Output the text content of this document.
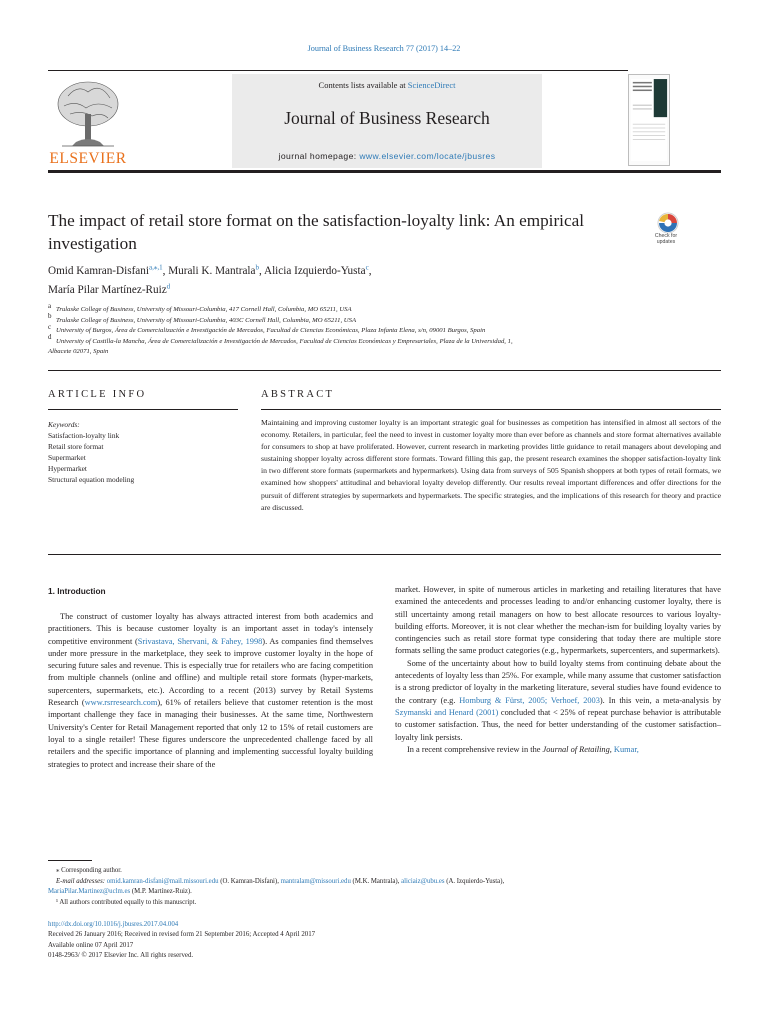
Journal of Business Research 77 (2017) 14–22
Contents lists available at ScienceDirect
Journal of Business Research
journal homepage: www.elsevier.com/locate/jbusres
ELSEVIER
The impact of retail store format on the satisfaction-loyalty link: An empirical investigation	Check for updates
Omid Kamran-Disfani$^{a,⁎,1}$, Murali K. Mantrala$^b$, Alicia Izquierdo-Yusta$^c$,
María Pilar Martínez-Ruiz$^d$
$^a$ Trulaske College of Business, University of Missouri-Columbia, 417 Cornell Hall, Columbia, MO 65211, USA
$^b$ Trulaske College of Business, University of Missouri-Columbia, 403C Cornell Hall, Columbia, MO 65211, USA
$^c$ University of Burgos, Área de Comercialización e Investigación de Mercados, Facultad de Ciencias Económicas, Plaza Infanta Elena, s/n, 09001 Burgos, Spain
$^d$ University of Castilla-la Mancha, Área de Comercialización e Investigación de Mercados, Facultad de Ciencias Económicas y Empresariales, Plaza de la Universidad, 1,
Albacete 02071, Spain
ARTICLE INFO	ABSTRACT
Keywords:
Satisfaction-loyalty link
Retail store format
Supermarket
Hypermarket
Structural equation modeling
Maintaining and improving customer loyalty is an important strategic goal for businesses as competition has intensified in almost all sectors of the economy. Retailers, in particular, feel the need to invest in customer loyalty more than ever before as channels and store format alternatives available for consumers to shop at have proliferated. However, current research in marketing provides little guidance to retail managers about developing and sustaining shopper loyalty across different store formats. Toward filling this gap, the present research examines the shopper satisfaction-loyalty link in two different store formats (supermarkets and hypermarkets). Using data from surveys of 505 Spanish shoppers at both types of retail formats, we examined how shoppers' attitudinal and behavioral loyalty develop differently. Our results reveal important differences and offer directions for the pursuit of different strategies by supermarkets and hypermarkets. The specific strategies, and the implications of this research for theory and practice are discussed.
1. Introduction

The construct of customer loyalty has always attracted interest from both academics and practitioners. This is because customer loyalty is an important asset in today's intensely competitive environment (Srivastava, Shervani, & Fahey, 1998). As companies find themselves under more pressure in the marketplace, they seek to improve customer loyalty in the hope of securing future sales and revenue. This is especially true for retailers who are facing competition from multiple channels (online and offline) and multiple retail store formats (hyper-markets, supercenters, supermarkets, etc.). According to a recent (2013) survey by Retail Systems Research (www.rsrresearch.com), 61% of retailers believe that customer retention is the most important challenge they face in managing their businesses. At the same time, Northwestern University's Center for Retail Management reported that only 12 to 15% of retail customers are loyal to a single retailer! These figures underscore the unprecedented challenge faced by all retailers and the specific importance of planning and implementing successful loyalty building strategies to protect and increase their share of the

market. However, in spite of numerous articles in marketing and retailing literatures that have examined the antecedents and processes leading to and/or enhancing customer loyalty, there is still uncertainty among retail managers on how to best allocate resources to various loyalty-building efforts. Moreover, it is not clear whether the mechan-ism for building loyalty varies by contingencies such as retail store format type considering that today there are multiple store formats selling the same product categories (e.g., hypermarkets, supercenters, and supermarkets).

Some of the uncertainty about how to build loyalty stems from continuing debate about the antecedents of loyalty less than 25%. For example, while many assume that customer satisfaction is a strong predictor of loyalty in the marketing literature, several studies have found evidence to the contrary (e.g. Homburg & Fürst, 2005; Verhoef, 2003). In this vein, a meta-analysis by Szymanski and Henard (2001) concluded that < 25% of repeat purchase behavior is attributable to customer satisfaction. Thus, the need for better understanding of the customer satisfaction–loyalty link persists.

In a recent comprehensive review in the Journal of Retailing, Kumar,

⁎ Corresponding author.
E-mail addresses: omid.kamran-disfani@mail.missouri.edu (O. Kamran-Disfani), mantralam@missouri.edu (M.K. Mantrala), aliciaiz@ubu.es (A. Izquierdo-Yusta),
MariaPilar.Martinez@uclm.es (M.P. Martínez-Ruiz).
¹ All authors contributed equally to this manuscript.
http://dx.doi.org/10.1016/j.jbusres.2017.04.004
Received 26 January 2016; Received in revised form 21 September 2016; Accepted 4 April 2017
Available online 07 April 2017
0148-2963/ © 2017 Elsevier Inc. All rights reserved.
